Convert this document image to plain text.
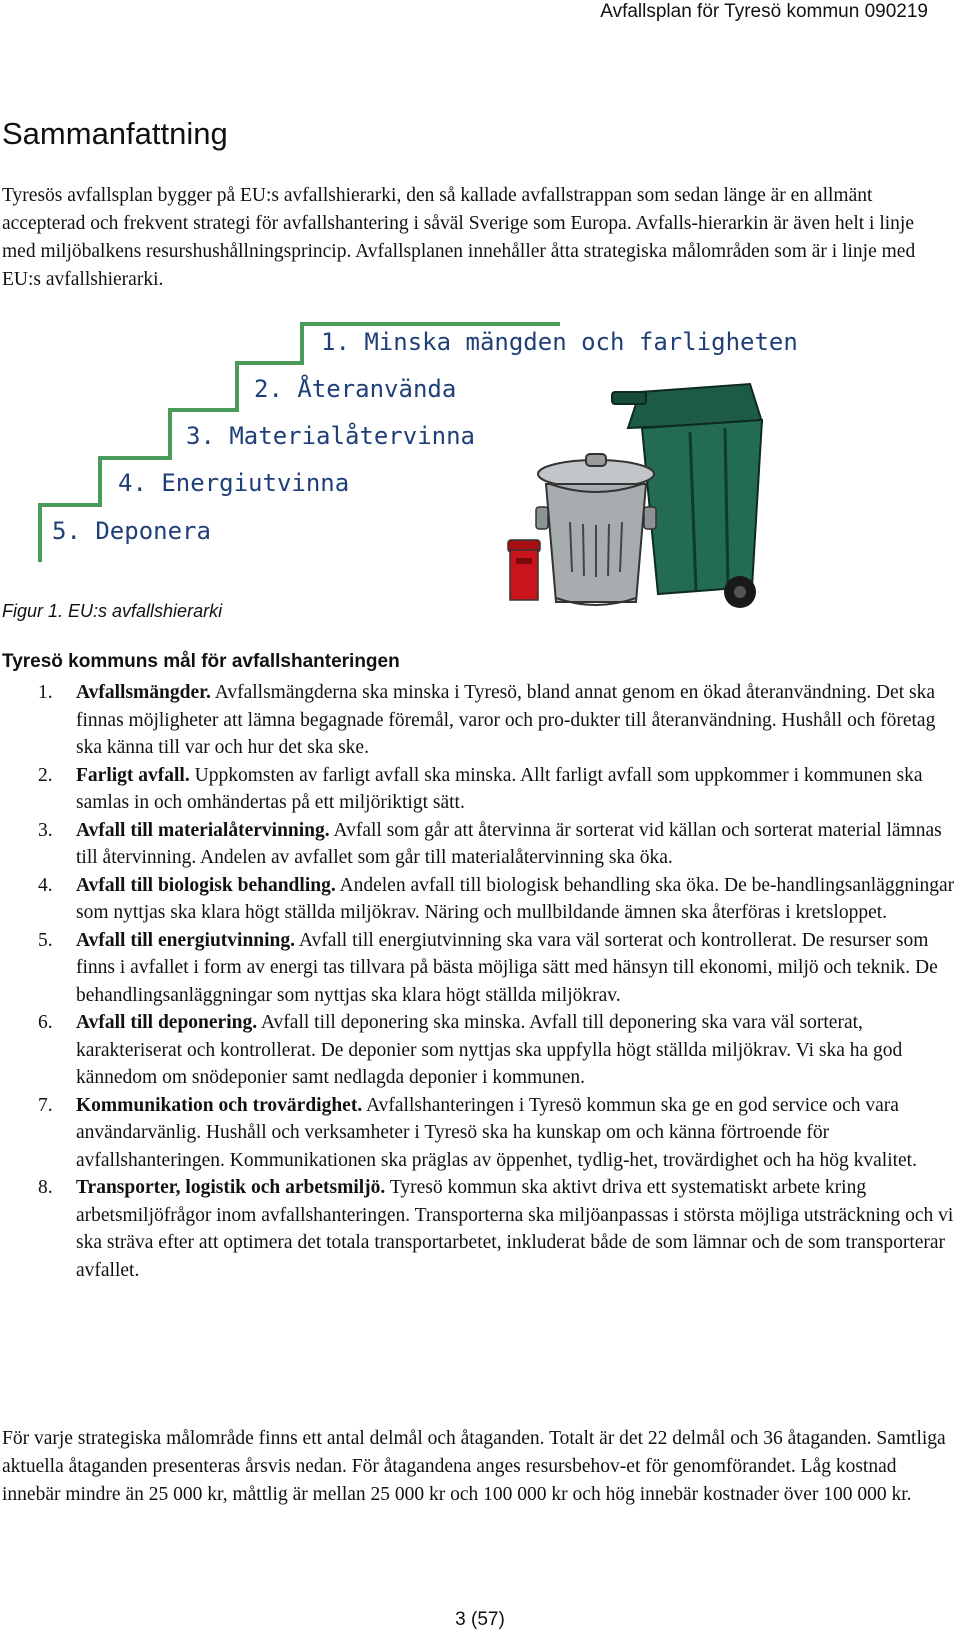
Avfallsplan för Tyresö kommun 090219
Sammanfattning

Tyresös avfallsplan bygger på EU:s avfallshierarki, den så kallade avfallstrappan som sedan länge är en allmänt accepterad och frekvent strategi för avfallshantering i såväl Sverige som Europa. Avfalls-hierarkin är även helt i linje med miljöbalkens resurshushållningsprincip. Avfallsplanen innehåller åtta strategiska målområden som är i linje med EU:s avfallshierarki.

1. Minska mängden och farligheten
2. Återanvända
3. Materialåtervinna
4. Energiutvinna
5. Deponera
Figur 1. EU:s avfallshierarki
Tyresö kommuns mål för avfallshanteringen
1. Avfallsmängder. Avfallsmängderna ska minska i Tyresö, bland annat genom en ökad återanvändning. Det ska finnas möjligheter att lämna begagnade föremål, varor och pro-dukter till återanvändning. Hushåll och företag ska känna till var och hur det ska ske.
2. Farligt avfall. Uppkomsten av farligt avfall ska minska. Allt farligt avfall som uppkommer i kommunen ska samlas in och omhändertas på ett miljöriktigt sätt.
3. Avfall till materialåtervinning. Avfall som går att återvinna är sorterat vid källan och sorterat material lämnas till återvinning. Andelen av avfallet som går till materialåtervinning ska öka.
4. Avfall till biologisk behandling. Andelen avfall till biologisk behandling ska öka. De be-handlingsanläggningar som nyttjas ska klara högt ställda miljökrav. Näring och mullbildande ämnen ska återföras i kretsloppet.
5. Avfall till energiutvinning. Avfall till energiutvinning ska vara väl sorterat och kontrollerat. De resurser som finns i avfallet i form av energi tas tillvara på bästa möjliga sätt med hänsyn till ekonomi, miljö och teknik. De behandlingsanläggningar som nyttjas ska klara högt ställda miljökrav.
6. Avfall till deponering. Avfall till deponering ska minska. Avfall till deponering ska vara väl sorterat, karakteriserat och kontrollerat. De deponier som nyttjas ska uppfylla högt ställda miljökrav. Vi ska ha god kännedom om snödeponier samt nedlagda deponier i kommunen.
7. Kommunikation och trovärdighet. Avfallshanteringen i Tyresö kommun ska ge en god service och vara användarvänlig. Hushåll och verksamheter i Tyresö ska ha kunskap om och känna förtroende för avfallshanteringen. Kommunikationen ska präglas av öppenhet, tydlig-het, trovärdighet och ha hög kvalitet.
8. Transporter, logistik och arbetsmiljö. Tyresö kommun ska aktivt driva ett systematiskt arbete kring arbetsmiljöfrågor inom avfallshanteringen. Transporterna ska miljöanpassas i största möjliga utsträckning och vi ska sträva efter att optimera det totala transportarbetet, inkluderat både de som lämnar och de som transporterar avfallet.

För varje strategiska målområde finns ett antal delmål och åtaganden. Totalt är det 22 delmål och 36 åtaganden. Samtliga aktuella åtaganden presenteras årsvis nedan. För åtagandena anges resursbehov-et för genomförandet. Låg kostnad innebär mindre än 25 000 kr, måttlig är mellan 25 000 kr och 100 000 kr och hög innebär kostnader över 100 000 kr.

3 (57)
